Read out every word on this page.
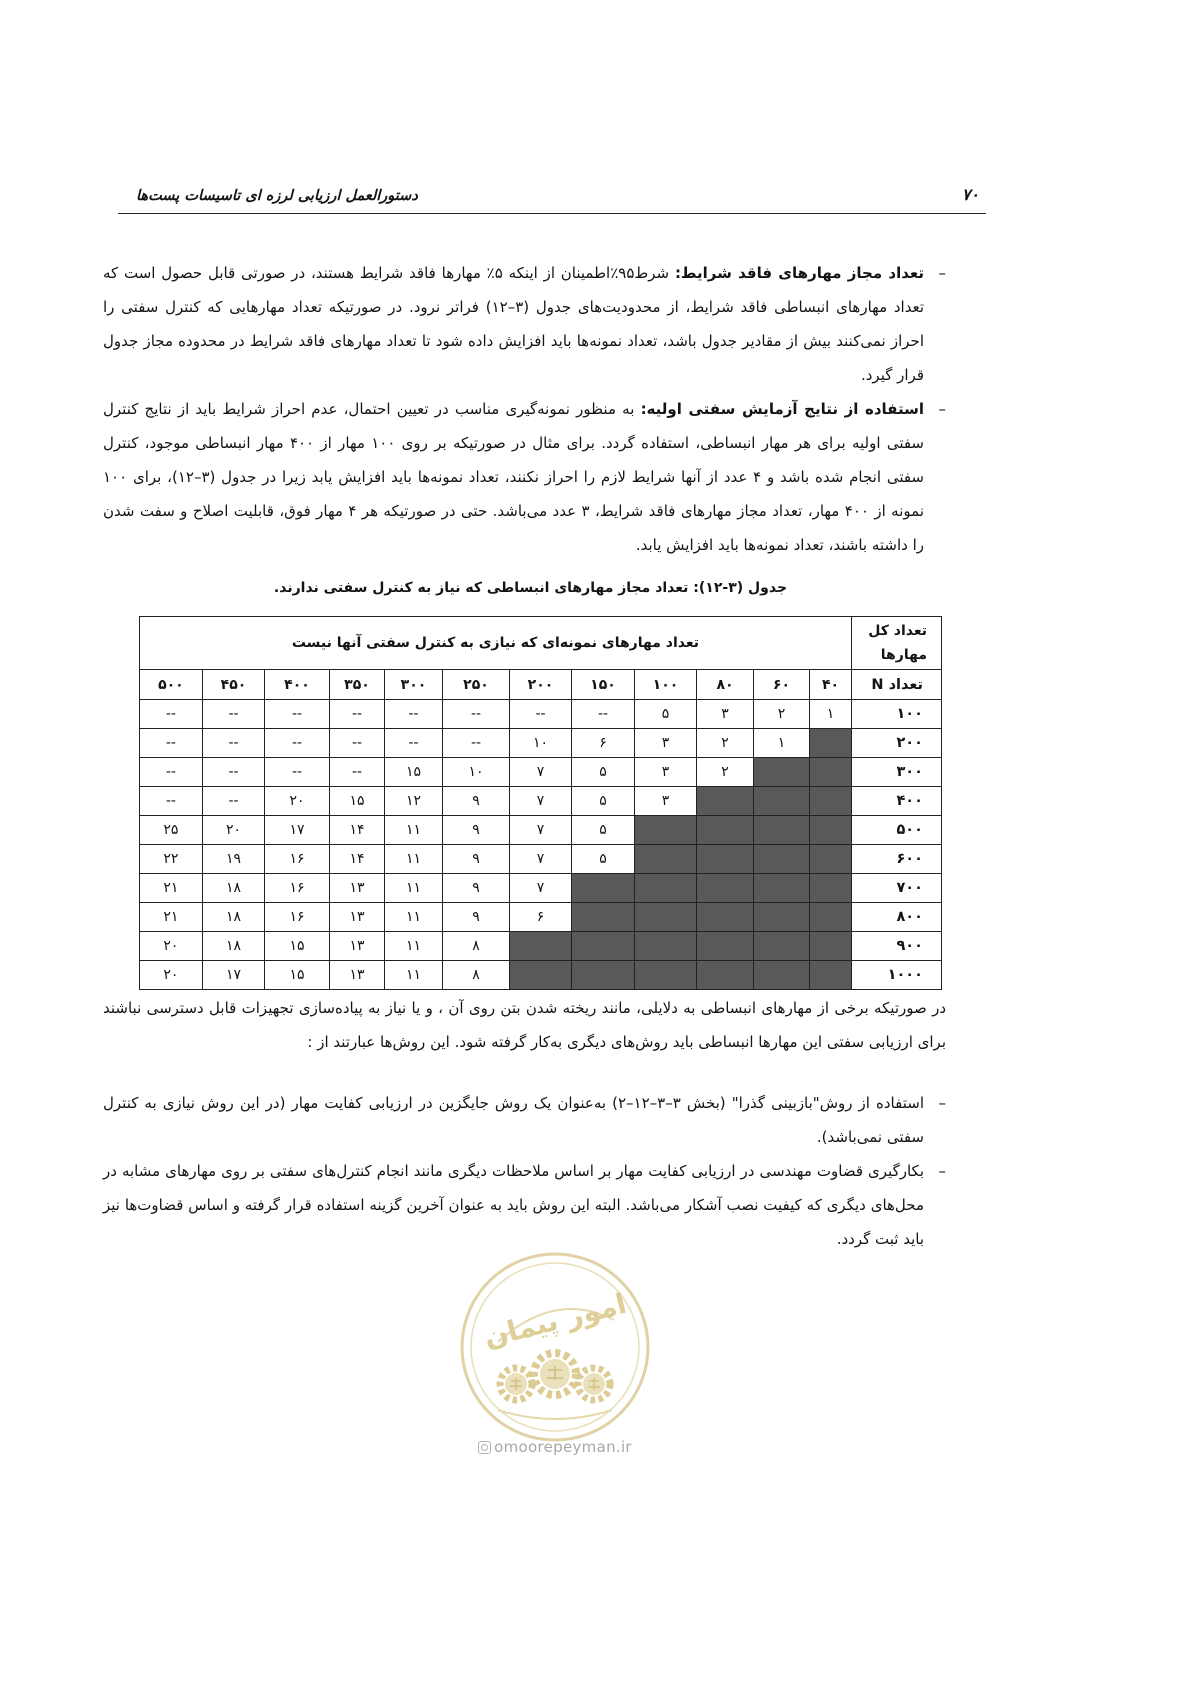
دستورالعمل ارزیابی لرزه ای تاسیسات پست‌ها	۷۰
–

تعداد مجاز مهارهای فاقد شرایط: شرط۹۵٪اطمینان از اینکه ۵٪ مهارها فاقد شرایط هستند، در صورتی قابل حصول است که تعداد مهارهای انبساطی فاقد شرایط، از محدودیت‌های جدول (۳–۱۲) فراتر نرود. در صورتیکه تعداد مهارهایی که کنترل سفتی را احراز نمی‌کنند بیش از مقادیر جدول باشد، تعداد نمونه‌ها باید افزایش داده شود تا تعداد مهارهای فاقد شرایط در محدوده مجاز جدول قرار گیرد.

–

استفاده از نتایج آزمایش سفتی اولیه: به منظور نمونه‌گیری مناسب در تعیین احتمال، عدم احراز شرایط باید از نتایج کنترل سفتی اولیه برای هر مهار انبساطی، استفاده گردد. برای مثال در صورتیکه بر روی ۱۰۰ مهار از ۴۰۰ مهار انبساطی موجود، کنترل سفتی انجام شده باشد و ۴ عدد از آنها شرایط لازم را احراز نکنند، تعداد نمونه‌ها باید افزایش یابد زیرا در جدول (۳–۱۲)، برای ۱۰۰ نمونه از ۴۰۰ مهار، تعداد مجاز مهارهای فاقد شرایط، ۳ عدد می‌باشد. حتی در صورتیکه هر ۴ مهار فوق، قابلیت اصلاح و سفت شدن را داشته باشند، تعداد نمونه‌ها باید افزایش یابد.

جدول (۳-۱۲): تعداد مجاز مهارهای انبساطی که نیاز به کنترل سفتی ندارند.

تعداد کل
مهارها	تعداد مهارهای نمونه‌ای که نیازی به کنترل سفتی آنها نیست											
تعداد N	۴۰	۶۰	۸۰	۱۰۰	۱۵۰	۲۰۰	۲۵۰	۳۰۰	۳۵۰	۴۰۰	۴۵۰	۵۰۰
۱۰۰	۱	۲	۳	۵	--	--	--	--	--	--	--	--
۲۰۰		۱	۲	۳	۶	۱۰	--	--	--	--	--	--
۳۰۰			۲	۳	۵	۷	۱۰	۱۵	--	--	--	--
۴۰۰				۳	۵	۷	۹	۱۲	۱۵	۲۰	--	--
۵۰۰					۵	۷	۹	۱۱	۱۴	۱۷	۲۰	۲۵
۶۰۰					۵	۷	۹	۱۱	۱۴	۱۶	۱۹	۲۲
۷۰۰						۷	۹	۱۱	۱۳	۱۶	۱۸	۲۱
۸۰۰						۶	۹	۱۱	۱۳	۱۶	۱۸	۲۱
۹۰۰							۸	۱۱	۱۳	۱۵	۱۸	۲۰
۱۰۰۰							۸	۱۱	۱۳	۱۵	۱۷	۲۰

در صورتیکه برخی از مهارهای انبساطی به دلایلی، مانند ریخته شدن بتن روی آن ، و یا نیاز به پیاده‌سازی تجهیزات قابل دسترسی نباشند برای ارزیابی سفتی این مهارها انبساطی باید روش‌های دیگری به‌کار گرفته شود. این روش‌ها عبارتند از :

–

استفاده از روش"بازبینی گذرا" (بخش ۳–۳–۱۲–۲) به‌عنوان یک روش جایگزین در ارزیابی کفایت مهار (در این روش نیازی به کنترل سفتی نمی‌باشد).

–

بکارگیری قضاوت مهندسی در ارزیابی کفایت مهار بر اساس ملاحظات دیگری مانند انجام کنترل‌های سفتی بر روی مهارهای مشابه در محل‌های دیگری که کیفیت نصب آشکار می‌باشد. البته این روش باید به عنوان آخرین گزینه استفاده قرار گرفته و اساس قضاوت‌ها نیز باید ثبت گردد.

امور پیمان
omoorepeyman.ir
